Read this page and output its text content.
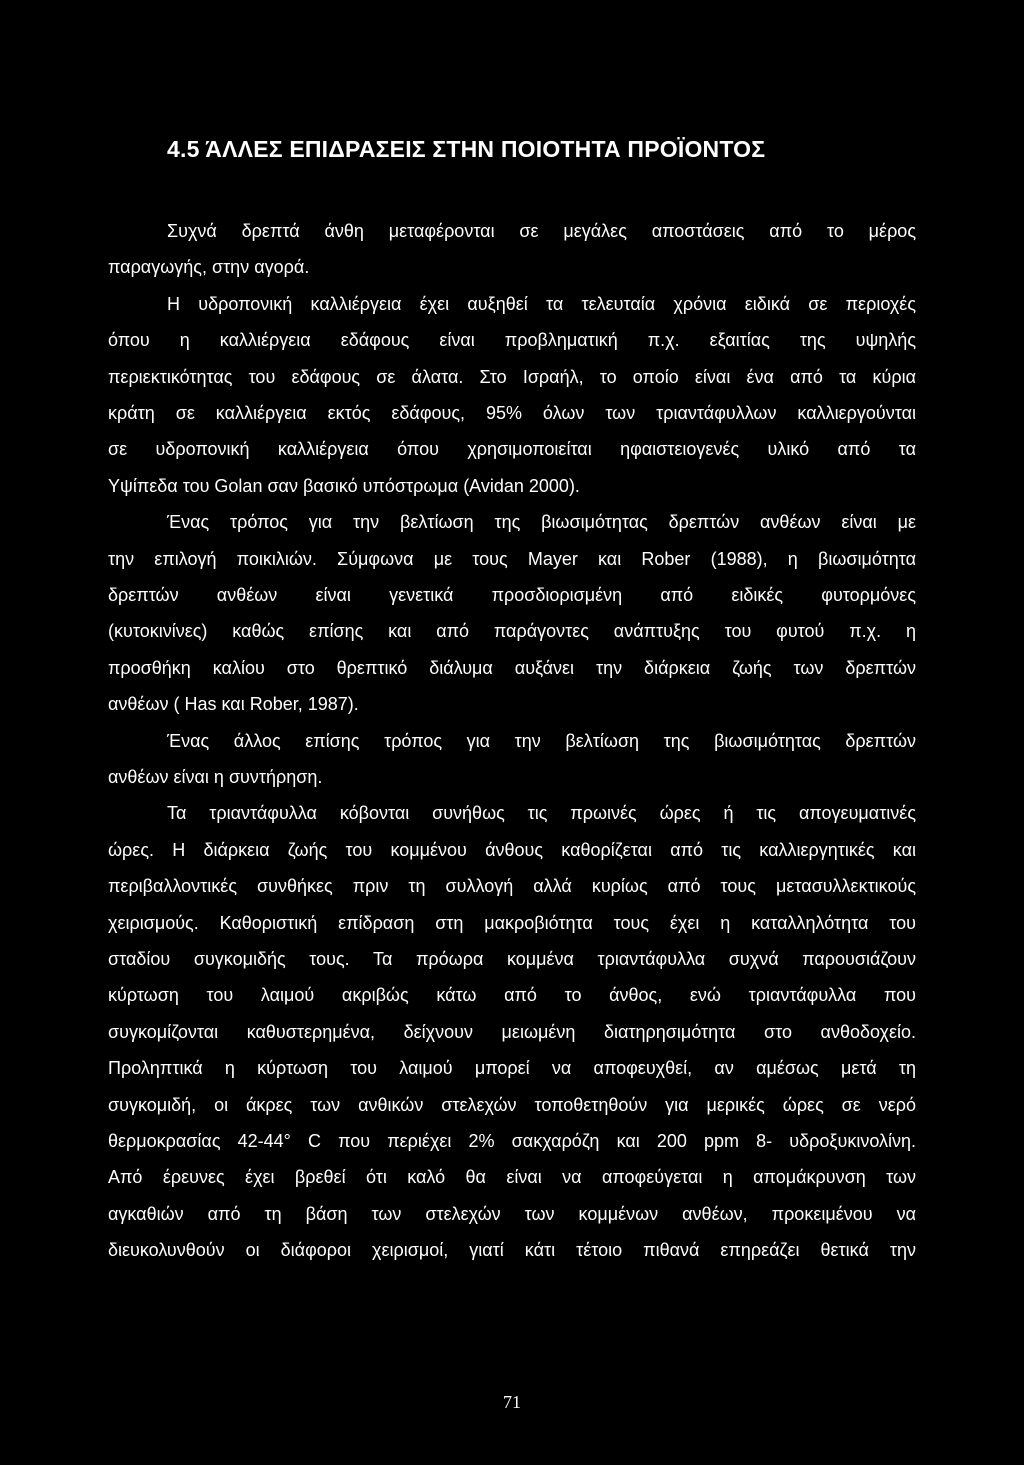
4.5 ΆΛΛΕΣ ΕΠΙΔΡΑΣΕΙΣ ΣΤΗΝ ΠΟΙΟΤΗΤΑ ΠΡΟΪΟΝΤΟΣ

Συχνά δρεπτά άνθη μεταφέρονται σε μεγάλες αποστάσεις από το μέρος

παραγωγής, στην αγορά.

Η υδροπονική καλλιέργεια έχει αυξηθεί τα τελευταία χρόνια ειδικά σε περιοχές

όπου η καλλιέργεια εδάφους είναι προβληματική π.χ. εξαιτίας της υψηλής

περιεκτικότητας του εδάφους σε άλατα. Στο Ισραήλ, το οποίο είναι ένα από τα κύρια

κράτη σε καλλιέργεια εκτός εδάφους, 95% όλων των τριαντάφυλλων καλλιεργούνται

σε υδροπονική καλλιέργεια όπου χρησιμοποιείται ηφαιστειογενές υλικό από τα

Υψίπεδα του Golan σαν βασικό υπόστρωμα (Avidan 2000).

Ένας τρόπος για την βελτίωση της βιωσιμότητας δρεπτών ανθέων είναι με

την επιλογή ποικιλιών. Σύμφωνα με τους Mayer και Rober (1988), η βιωσιμότητα

δρεπτών ανθέων είναι γενετικά προσδιορισμένη από ειδικές φυτορμόνες

(κυτοκινίνες) καθώς επίσης και από παράγοντες ανάπτυξης του φυτού π.χ. η

προσθήκη καλίου στο θρεπτικό διάλυμα αυξάνει την διάρκεια ζωής των δρεπτών

ανθέων ( Has και Rober, 1987).

Ένας άλλος επίσης τρόπος για την βελτίωση της βιωσιμότητας δρεπτών

ανθέων είναι η συντήρηση.

Τα τριαντάφυλλα κόβονται συνήθως τις πρωινές ώρες ή τις απογευματινές

ώρες. Η διάρκεια ζωής του κομμένου άνθους καθορίζεται από τις καλλιεργητικές και

περιβαλλοντικές συνθήκες πριν τη συλλογή αλλά κυρίως από τους μετασυλλεκτικούς

χειρισμούς. Καθοριστική επίδραση στη μακροβιότητα τους έχει η καταλληλότητα του

σταδίου συγκομιδής τους. Τα πρόωρα κομμένα τριαντάφυλλα συχνά παρουσιάζουν

κύρτωση του λαιμού ακριβώς κάτω από το άνθος, ενώ τριαντάφυλλα που

συγκομίζονται καθυστερημένα, δείχνουν μειωμένη διατηρησιμότητα στο ανθοδοχείο.

Προληπτικά η κύρτωση του λαιμού μπορεί να αποφευχθεί, αν αμέσως μετά τη

συγκομιδή, οι άκρες των ανθικών στελεχών τοποθετηθούν για μερικές ώρες σε νερό

θερμοκρασίας 42-44° C που περιέχει 2% σακχαρόζη και 200 ppm 8- υδροξυκινολίνη.

Από έρευνες έχει βρεθεί ότι καλό θα είναι να αποφεύγεται η απομάκρυνση των

αγκαθιών από τη βάση των στελεχών των κομμένων ανθέων, προκειμένου να

διευκολυνθούν οι διάφοροι χειρισμοί, γιατί κάτι τέτοιο πιθανά επηρεάζει θετικά την

71
